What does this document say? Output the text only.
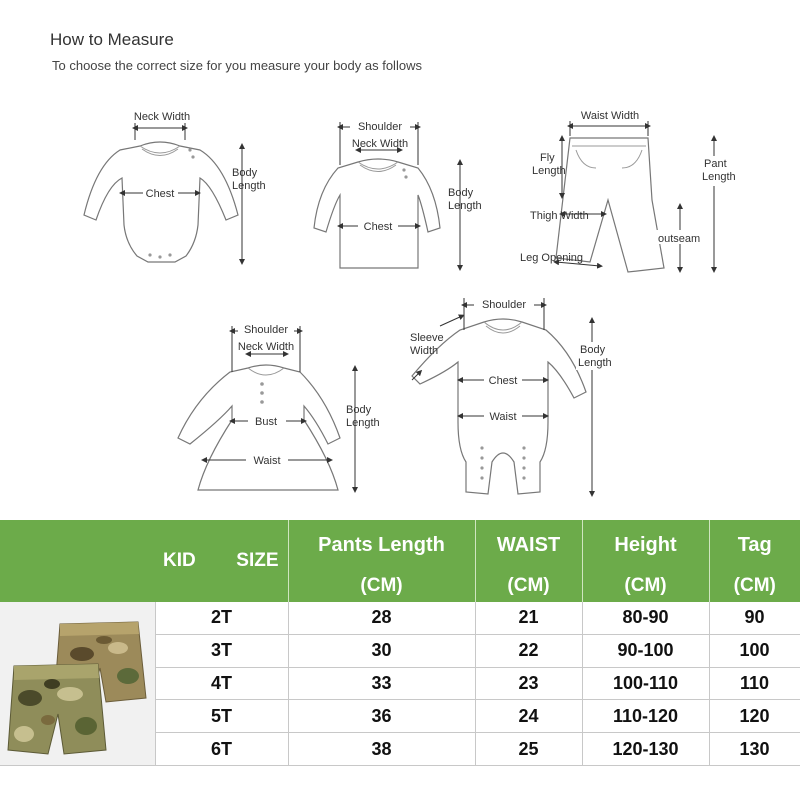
How to Measure
To choose the correct size for you measure your body as follows
Neck Width
Chest
Body
Length
Shoulder
Neck Width
Chest
Body
Length
Waist Width
Fly
Length
Thigh Width
Leg Opening
outseam
Pant
Length
Shoulder
Neck Width
Bust
Waist
Body
Length
Shoulder
Sleeve
Width
Chest
Waist
Body
Length
	KID SIZE	Pants Length	WAIST	Height	Tag
		(CM)	(CM)	(CM)	(CM)
	2T	28	21	80-90	90
	3T	30	22	90-100	100
	4T	33	23	100-110	110
	5T	36	24	110-120	120
	6T	38	25	120-130	130
